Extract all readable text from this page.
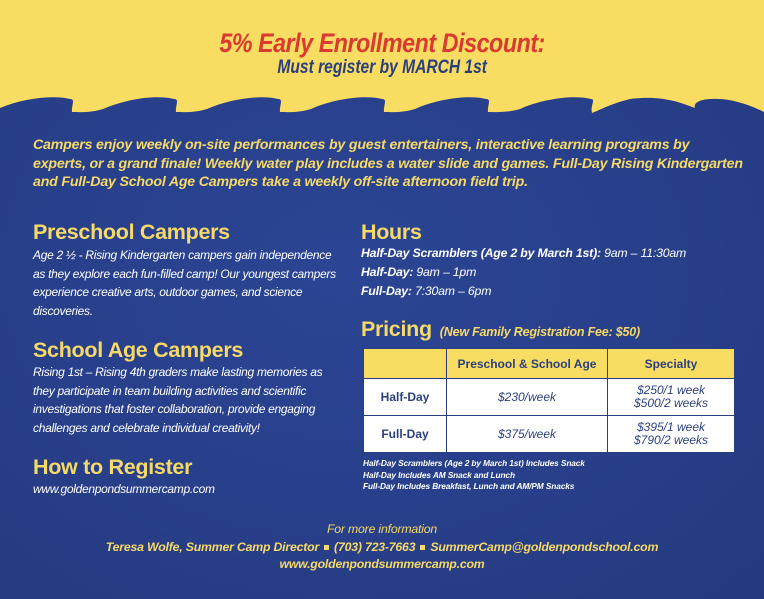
5% Early Enrollment Discount:
Must register by MARCH 1st
Campers enjoy weekly on-site performances by guest entertainers, interactive learning programs by experts, or a grand finale! Weekly water play includes a water slide and games. Full-Day Rising Kindergarten and Full-Day School Age Campers take a weekly off-site afternoon field trip.
Preschool Campers
Age 2 ½ - Rising Kindergarten campers gain independence as they explore each fun-filled camp! Our youngest campers experience creative arts, outdoor games, and science discoveries.
School Age Campers
Rising 1st – Rising 4th graders make lasting memories as they participate in team building activities and scientific investigations that foster collaboration, provide engaging challenges and celebrate individual creativity!
How to Register
www.goldenpondsummercamp.com
Hours
Half-Day Scramblers (Age 2 by March 1st): 9am – 11:30am
Half-Day: 9am – 1pm
Full-Day: 7:30am – 6pm
Pricing (New Family Registration Fee: $50)
	Preschool & School Age	Specialty
Half-Day	$230/week	$250/1 week
$500/2 weeks

Full-Day	$375/week	$395/1 week
$790/2 weeks
Half-Day Scramblers (Age 2 by March 1st) Includes Snack
Half-Day Includes AM Snack and Lunch
Full-Day Includes Breakfast, Lunch and AM/PM Snacks
For more information
Teresa Wolfe, Summer Camp Director (703) 723-7663 SummerCamp@goldenpondschool.com
www.goldenpondsummercamp.com
